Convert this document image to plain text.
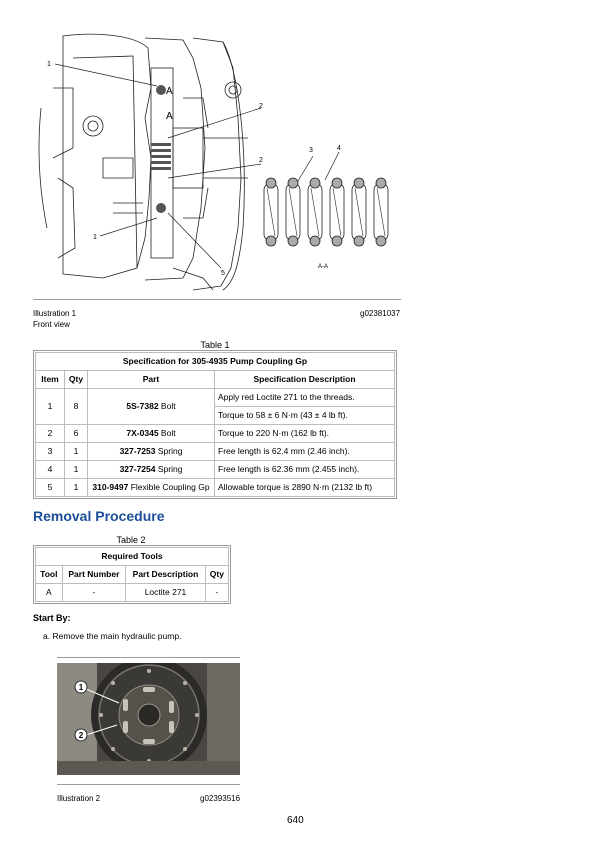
1
2
2
1
5
3	4
A-A
A
A
Illustration 1	g02381037
Front view
Table 1
Specification for 305-4935 Pump Coupling Gp			
Item	Qty	Part	Specification Description
1	8	5S-7382 Bolt	Apply red Loctite 271 to the threads.
			Torque to 58 ± 6 N·m (43 ± 4 lb ft).
2	6	7X-0345 Bolt	Torque to 220 N·m (162 lb ft).
3	1	327-7253 Spring	Free length is 62.4 mm (2.46 inch).
4	1	327-7254 Spring	Free length is 62.36 mm (2.455 inch).
5	1	310-9497 Flexible Coupling Gp	Allowable torque is 2890 N·m (2132 lb ft)
Removal Procedure
Table 2
Required Tools			
Tool	Part Number	Part Description	Qty
A	-	Loctite 271	-
Start By:
a. Remove the main hydraulic pump.
1
2
Illustration 2	g02393516
640
